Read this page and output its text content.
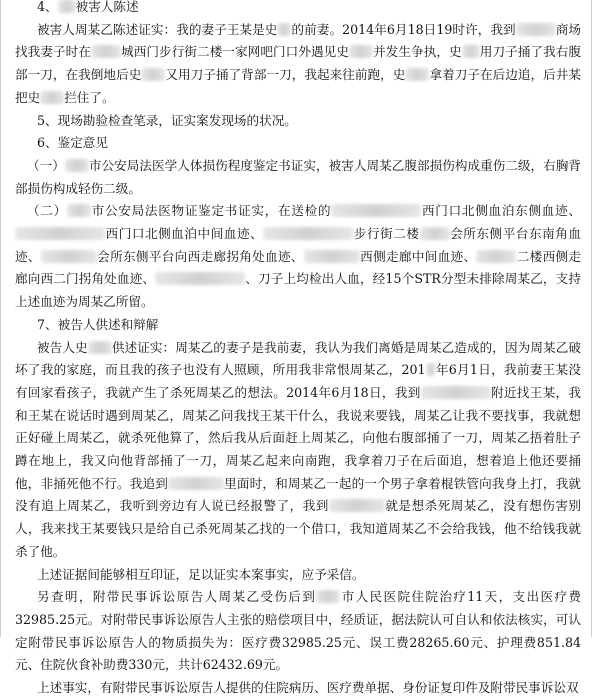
4、 被害人陈述

被害人周某乙陈述证实：我的妻子王某是史 的前妻。2014年6月18日19时许，我到	商场找我妻子时在 城西门步行街二楼一家网吧门口外遇见史 并发生争执，史 用刀子捅了我右腹部一刀，在我倒地后史 又用刀子捅了背部一刀，我起来往前跑，史 拿着刀子在后边追，后井某把史 拦住了。

5、现场勘验检查笔录，证实案发现场的状况。

6、鉴定意见

（一） 市公安局法医学人体损伤程度鉴定书证实，被害人周某乙腹部损伤构成重伤二级，右胸背部损伤构成轻伤二级。

（二） 市公安局法医物证鉴定书证实，在送检的	西门口北侧血泊东侧血迹、西门口北侧血泊中间血迹、	步行街二楼 会所东侧平台东南角血迹、	会所东侧平台向西走廊拐角处血迹、	西侧走廊中间血迹、	二楼西侧走廊向西二门拐角处血迹、	、刀子上均检出人血，经15个STR分型未排除周某乙，支持上述血迹为周某乙所留。

7、被告人供述和辩解

被告人史 供述证实：周某乙的妻子是我前妻，我认为我们离婚是周某乙造成的，因为周某乙破坏了我的家庭，而且我的孩子也没有人照顾，所用我非常恨周某乙，201 年6月1日，我前妻王某没有回家看孩子，我就产生了杀死周某乙的想法。2014年6月18日，我到	附近找王某，我和王某在说话时遇到周某乙，周某乙问我找王某干什么，我说来要钱，周某乙让我不要找事，我就想正好碰上周某乙，就杀死他算了，然后我从后面赶上周某乙，向他右腹部捅了一刀，周某乙捂着肚子蹲在地上，我又向他背部捅了一刀，周某乙起来向南跑，我拿着刀子在后面追，想着追上他还要捅他，非捅死他不行。我追到	里面时，和周某乙一起的一个男子拿着棍铁管向我身上打，我就没有追上周某乙，我听到旁边有人说已经报警了，我到	就是想杀死周某乙，没有想伤害别人，我来找王某要钱只是给自己杀死周某乙找的一个借口，我知道周某乙不会给我钱，他不给钱我就杀了他。

上述证据间能够相互印证，足以证实本案事实，应予采信。

另查明，附带民事诉讼原告人周某乙受伤后到 市人民医院住院治疗11天，支出医疗费32985.25元。对附带民事诉讼原告人主张的赔偿项目中，经质证，据法院认可自认和依法核实，可认定附带民事诉讼原告人的物质损失为：医疗费32985.25元、误工费28265.60元、护理费851.84元、住院伙食补助费330元，共计62432.69元。

上述事实，有附带民事诉讼原告人提供的住院病历、医疗费单据、身份证复印件及附带民事诉讼双
